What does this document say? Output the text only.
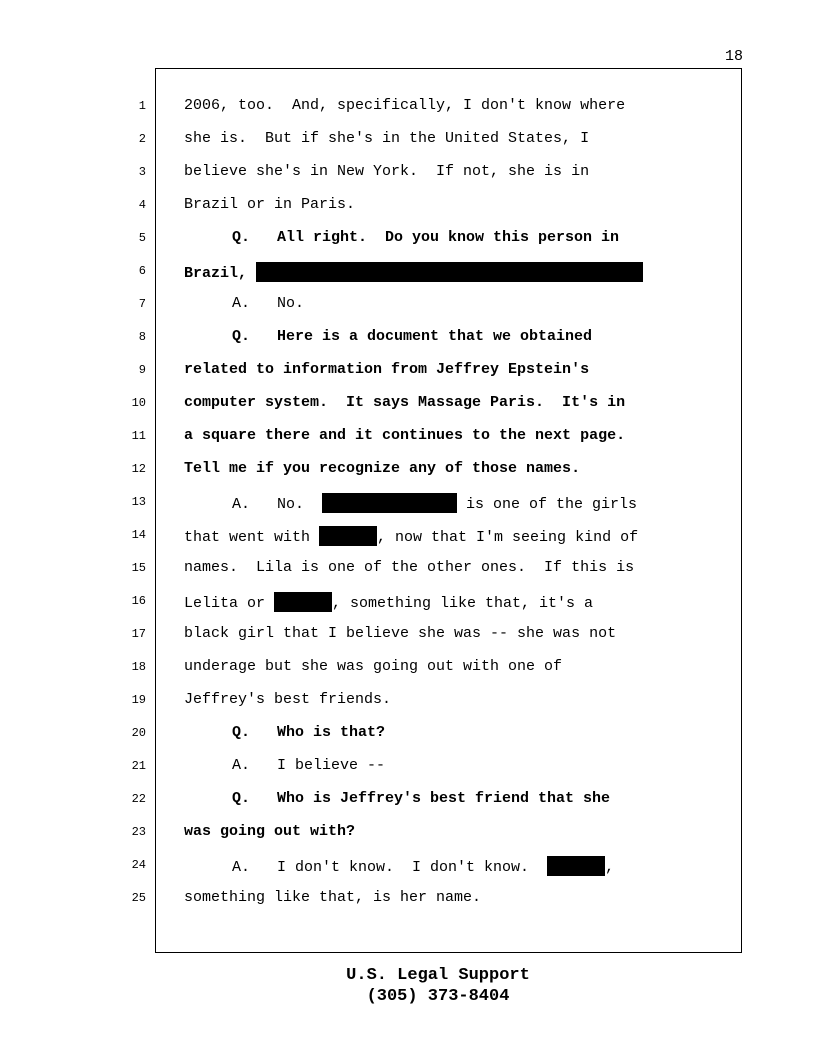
18
1
2
3
4
5
6
7
8
9
10
11
12
13
14
15
16
17
18
19
20
21
22
23
24
25
2006, too.  And, specifically, I don't know where
she is.  But if she's in the United States, I
believe she's in New York.  If not, she is in
Brazil or in Paris.
Q.   All right.  Do you know this person in
Brazil,
A.   No.
Q.   Here is a document that we obtained
related to information from Jeffrey Epstein's
computer system.  It says Massage Paris.  It's in
a square there and it continues to the next page.
Tell me if you recognize any of those names.
A.   No.	is one of the girls
that went with	, now that I'm seeing kind of
names.  Lila is one of the other ones.  If this is
Lelita or	, something like that, it's a
black girl that I believe she was -- she was not
underage but she was going out with one of
Jeffrey's best friends.
Q.   Who is that?
A.   I believe --
Q.   Who is Jeffrey's best friend that she
was going out with?
A.   I don't know.  I don't know.	,
something like that, is her name.
U.S. Legal Support
(305) 373-8404
